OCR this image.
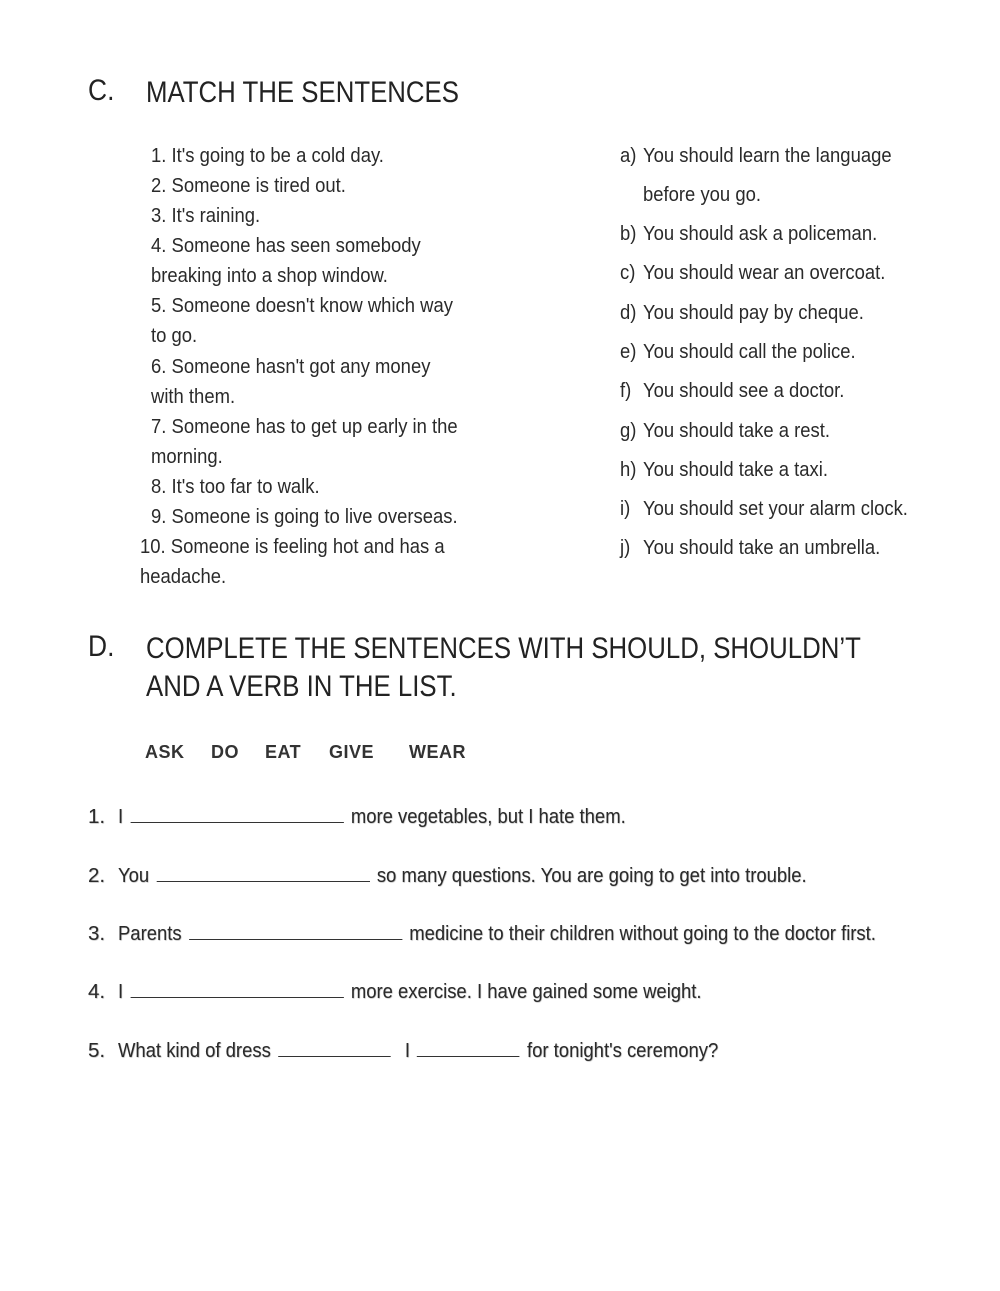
C.	MATCH THE SENTENCES
1. It's going to be a cold day.
2. Someone is tired out.
3. It's raining.
4. Someone has seen somebody
breaking into a shop window.
5. Someone doesn't know which way
to go.
6. Someone hasn't got any money
with them.
7. Someone has to get up early in the
morning.
8. It's too far to walk.
9. Someone is going to live overseas.
10. Someone is feeling hot and has a
headache.
a) You should learn the language
before you go.
b) You should ask a policeman.
c) You should wear an overcoat.
d) You should pay by cheque.
e) You should call the police.
f) You should see a doctor.
g) You should take a rest.
h) You should take a taxi.
i) You should set your alarm clock.
j) You should take an umbrella.
D.	COMPLETE THE SENTENCES WITH SHOULD, SHOULDN’T
AND A VERB IN THE LIST.
ASK DO EAT GIVE WEAR
1. I	more vegetables, but I hate them.
2. You	so many questions. You are going to get into trouble.
3. Parents	medicine to their children without going to the doctor first.
4. I	more exercise. I have gained some weight.
5. What kind of dress	I	for tonight's ceremony?
